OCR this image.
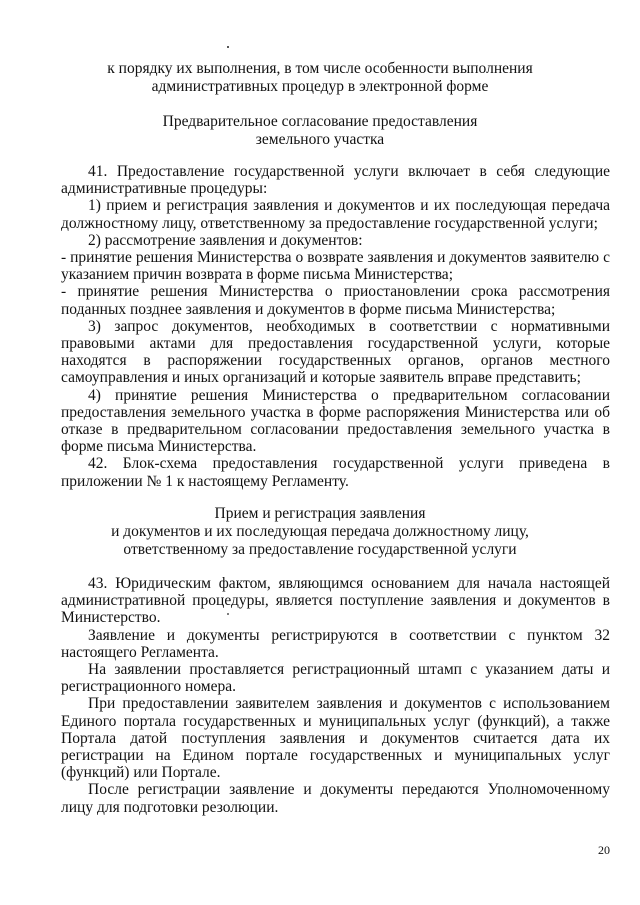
к порядку их выполнения, в том числе особенности выполнения
административных процедур в электронной форме
Предварительное согласование предоставления
земельного участка

41. Предоставление государственной услуги включает в себя следующие административные процедуры:

1) прием и регистрация заявления и документов и их последующая передача должностному лицу, ответственному за предоставление государственной услуги;

2) рассмотрение заявления и документов:

- принятие решения Министерства о возврате заявления и документов заявителю с указанием причин возврата в форме письма Министерства;

- принятие решения Министерства о приостановлении срока рассмотрения поданных позднее заявления и документов в форме письма Министерства;

3) запрос документов, необходимых в соответствии с нормативными правовыми актами для предоставления государственной услуги, которые находятся в распоряжении государственных органов, органов местного самоуправления и иных организаций и которые заявитель вправе представить;

4) принятие решения Министерства о предварительном согласовании предоставления земельного участка в форме распоряжения Министерства или об отказе в предварительном согласовании предоставления земельного участка в форме письма Министерства.

42. Блок-схема предоставления государственной услуги приведена в приложении № 1 к настоящему Регламенту.

Прием и регистрация заявления
и документов и их последующая передача должностному лицу,
ответственному за предоставление государственной услуги

43. Юридическим фактом, являющимся основанием для начала настоящей административной процедуры, является поступление заявления и документов в Министерство.

Заявление и документы регистрируются в соответствии с пунктом 32 настоящего Регламента.

На заявлении проставляется регистрационный штамп с указанием даты и регистрационного номера.

При предоставлении заявителем заявления и документов с использованием Единого портала государственных и муниципальных услуг (функций), а также Портала датой поступления заявления и документов считается дата их регистрации на Едином портале государственных и муниципальных услуг (функций) или Портале.

После регистрации заявление и документы передаются Уполномоченному лицу для подготовки резолюции.

20
